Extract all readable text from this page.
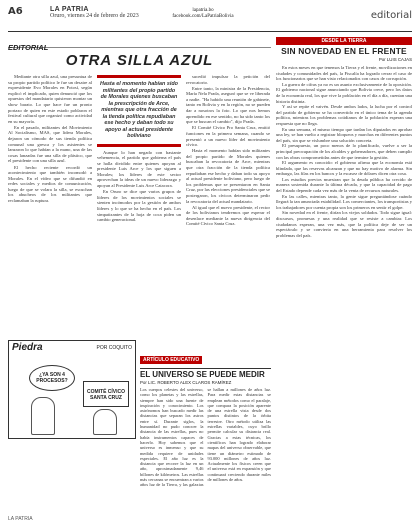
A6	LA PATRIA
Oruro, viernes 24 de febrero de 2023
lapatria.bo
facebook.com/LaPatriaBolivia	editorial
EDITORIAL
OTRA SILLA AZUL

Mediante otra silla azul, una presuntua de su propio partido político le fue un desaire al expresidente Evo Morales en Potosí, según explicó el implicado, quien denunció que los opuestos del mandatario quisieron montar un show barato. Lo que hace fue un pronto portazo de quien en este estado poblaron el festival cultural que organizó como actividad en su mayoría.

En el pasado, militantes del Movimiento Al Socialismo, MAS, que lidera Morales, dejaron un cómodo de sus tienda política comunal una gresca y los asistentes se lanzaron lo que habían a la mano, una de las cosas lanzadas fue una silla de plástico, que el presidente con una silla azul.

El hecho reciente recordó un acontecimiento que también incomodó a Morales. En el vídeo que se difundió en redes sociales y medios de comunicación, luego de que se volara la silla, se escuchan los abucheos de los militantes que reclamaban la ruptura.

Hasta el momento habían sido militantes del propio partido de Morales quienes buscaban la prescripción de Arce, mientras que otra fracción de la tienda política repudiaban ese hecho y daban todo su apoyo al actual presidente boliviano

Aunque lo han negado con bastante vehemencia, el partido que gobierna el país se halla dividido entre quienes apoyan al presidente Luis Arce y los que siguen a Morales; los líderes de este sector aprovechan la ideas de un nuevo liderazgo y apoyan al Presidente Luis Arce Catacora.

En Oruro se dice que varios grupos de líderes de los movimientos sociales se sienten incómodos por la gestión de ambos líderes y lo que se ha hecho en el país. Los simpatizantes de la hoja de coca piden un cambio generacional.

sucedió impulsar la petición del revocatorio.

Entre tanto, la ministra de la Presidencia, María Nela Prada, aseguró que se ve liberada a nadie. "Ha habido una reunión de gabinete, tanto en Bolivia y en la región, no se pueden dar a nosotros la foto. Lo que nos hemos aprendido en ese sentido, no ha sido tanto los que se buscan el cambio", dijo Prada.

El Comité Cívico Pro Santa Cruz, emitió funciones en la primera semana, cuando se presentó a un nuevo líder del movimiento cívico.

Hasta el momento habían sido militantes del propio partido de Morales quienes buscaban la revocatoria de Arce, mientras que otra fracción de la tienda política repudiaban ese hecho y daban todo su apoyo al actual presidente boliviano, pero luego de los problemas que se presentaron en Santa Cruz, por las elecciones presidenciales que se postergaron, los cívicos determinaron pedir la revocatoria del actual mandatario.

Al igual que el nuevo presidente, el rector de los bolivianos tendremos que esperar el desenlace mediante la nueva dirigencia del Comité Cívico Santa Cruz.

Piedra	POR COQUITO
¿YA SON 4 PROCESOS?
COMITÉ CÍVICO SANTA CRUZ
ARTÍCULO EDUCATIVO
EL UNIVERSO SE PUEDE MEDIR
Por LIC. ROBERTO ALEX CLAROS RAMÍREZ
Los cuerpos celestes del universo, como los planetas y las estrellas, siempre han sido una fuente de inspiración y conocimiento. Los astrónomos han buscado medir las distancias que separan los astros entre sí. Durante siglos, la humanidad no pudo conocer la distancia de las estrellas, pues no había instrumentos capaces de hacerlo. Hoy sabemos que el universo es inmenso y que su medida requiere de unidades especiales. El año luz es la distancia que recorre la luz en un año, aproximadamente 9,46 billones de kilómetros. Las estrellas más cercanas se encuentran a varios años luz de la Tierra, y las galaxias se hallan a millones de años luz. Para medir estas distancias se emplean métodos como el paralaje, que compara la posición aparente de una estrella vista desde dos puntos distintos de la órbita terrestre. Otro método utiliza las estrellas variables, cuyo brillo permite calcular su distancia real. Gracias a estas técnicas, los científicos han logrado elaborar mapas del universo observable, que tiene un diámetro estimado de 93.000 millones de años luz. Actualmente los físicos creen que el universo está en expansión y que continuará creciendo durante miles de millones de años.
DESDE LA TIERRA
SIN NOVEDAD EN EL FRENTE
Por LUIS CAJAS

En estos meses en que tenemos la Tierra y el frente, movilizaciones en ciudades y comunidades del país, la Fiscalía ha logrado cerrar el caso de los funcionarios que se han visto relacionados con casos de corrupción.

La guerra de cifras ya no es un asunto exclusivamente de la oposición. El gobierno nacional sigue anunciando que Bolivia crece, pero los datos de la economía real, los que vive la población en el día a día, cuentan una historia distinta.

Y así se repite el vaivén. Desde ambos lados, la lucha por el control del partido de gobierno se ha convertido en el único tema de la agenda política, mientras los problemas cotidianos de la población esperan una respuesta que no llega.

En una semana, el mismo tiempo que tardan los diputados en aprobar una ley, se han vuelto a registrar bloqueos y marchas en diferentes puntos del país, sin que se vislumbre una solución concreta.

El presupuesto, un poco menos de lo planificado, vuelve a ser la principal preocupación de los alcaldes y gobernadores, que deben cumplir con las obras comprometidas antes de que termine la gestión.

El argumento es conocido: el gobierno afirma que la economía está blindada, que las reservas alcanzan y que no hay motivo de alarma. Sin embargo, las filas en los bancos y la escasez de dólares dicen otra cosa.

Los estudios previos muestran que la deuda pública ha crecido de manera sostenida durante la última década, y que la capacidad de pago del Estado depende cada vez más de la venta de recursos naturales.

En las calles, mientras tanto, la gente sigue preguntándose cuándo llegará la tan anunciada estabilidad. Los comerciantes, los transportistas y los trabajadores por cuenta propia son los primeros en sentir el golpe.

Sin novedad en el frente, dirían los viejos soldados. Todo sigue igual: discursos, promesas y una realidad que se resiste a cambiar. Los ciudadanos esperan, una vez más, que la política deje de ser un espectáculo y se convierta en una herramienta para resolver los problemas del país.

LA PATRIA
